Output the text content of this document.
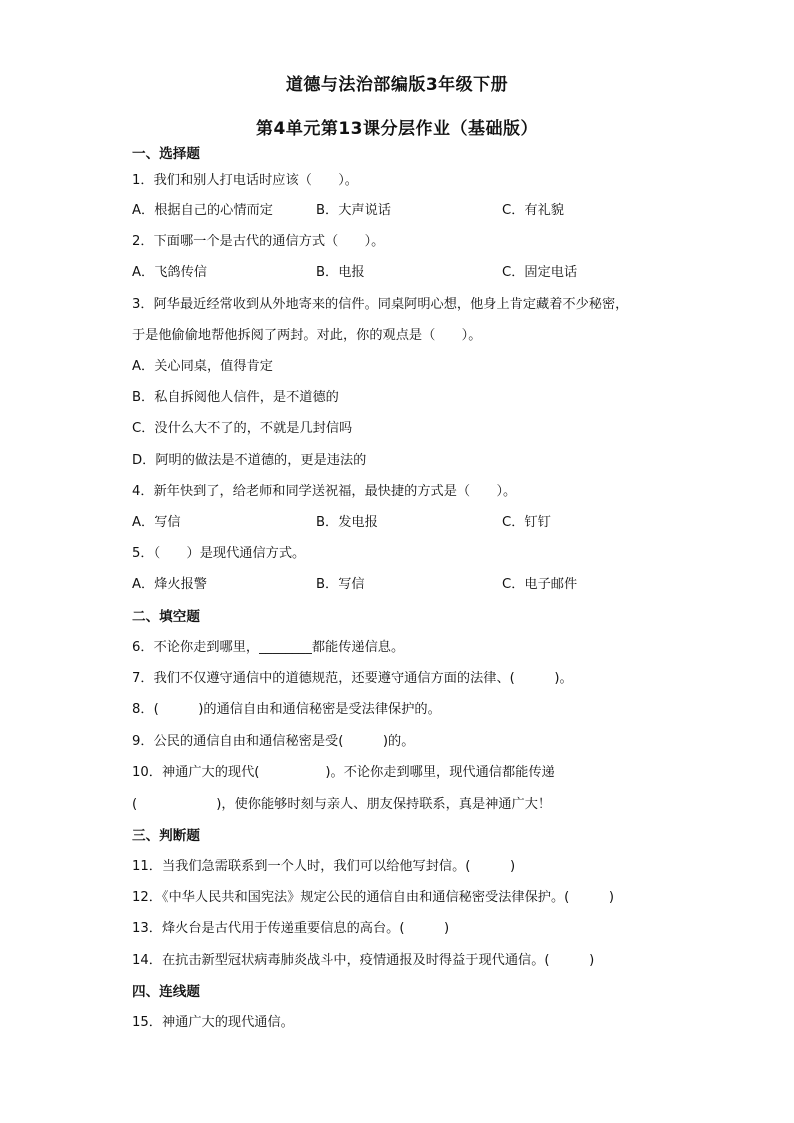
道德与法治部编版3年级下册
第4单元第13课分层作业（基础版）
一、选择题
1．我们和别人打电话时应该（　　）。
A．根据自己的心情而定	B．大声说话	C．有礼貌
2．下面哪一个是古代的通信方式（　　）。
A．飞鸽传信	B．电报	C．固定电话
3．阿华最近经常收到从外地寄来的信件。同桌阿明心想，他身上肯定藏着不少秘密，
于是他偷偷地帮他拆阅了两封。对此，你的观点是（　　）。
A．关心同桌，值得肯定
B．私自拆阅他人信件，是不道德的
C．没什么大不了的，不就是几封信吗
D．阿明的做法是不道德的，更是违法的
4．新年快到了，给老师和同学送祝福，最快捷的方式是（　　）。
A．写信	B．发电报	C．钉钉
5．（　　）是现代通信方式。
A．烽火报警	B．写信	C．电子邮件
二、填空题
6．不论你走到哪里，________都能传递信息。
7．我们不仅遵守通信中的道德规范，还要遵守通信方面的法律、(　　　)。
8．(　　　)的通信自由和通信秘密是受法律保护的。
9．公民的通信自由和通信秘密是受(　　　)的。
10．神通广大的现代(　　　　　)。不论你走到哪里，现代通信都能传递
(　　　　　　)，使你能够时刻与亲人、朋友保持联系，真是神通广大！
三、判断题
11．当我们急需联系到一个人时，我们可以给他写封信。(　　　)
12．《中华人民共和国宪法》规定公民的通信自由和通信秘密受法律保护。(　　　)
13．烽火台是古代用于传递重要信息的高台。(　　　)
14．在抗击新型冠状病毒肺炎战斗中，疫情通报及时得益于现代通信。(　　　)
四、连线题
15．神通广大的现代通信。
